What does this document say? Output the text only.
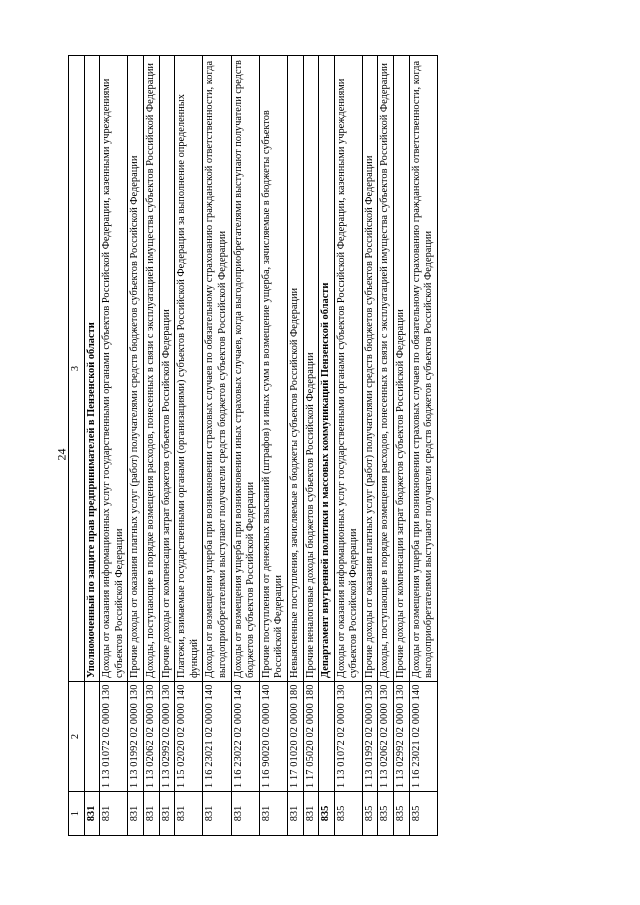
24
1	2	3
831		Уполномоченный по защите прав предпринимателей в Пензенской области
831	1 13 01072 02 0000 130	Доходы от оказания информационных услуг государственными органами субъектов Российской Федерации, казенными учреждениями субъектов Российской Федерации
831	1 13 01992 02 0000 130	Прочие доходы от оказания платных услуг (работ) получателями средств бюджетов субъектов Российской Федерации
831	1 13 02062 02 0000 130	Доходы, поступающие в порядке возмещения расходов, понесенных в связи с эксплуатацией имущества субъектов Российской Федерации
831	1 13 02992 02 0000 130	Прочие доходы от компенсации затрат бюджетов субъектов Российской Федерации
831	1 15 02020 02 0000 140	Платежи, взимаемые государственными органами (организациями) субъектов Российской Федерации за выполнение определенных функций
831	1 16 23021 02 0000 140	Доходы от возмещения ущерба при возникновении страховых случаев по обязательному страхованию гражданской ответственности, когда выгодоприобретателями выступают получатели средств бюджетов субъектов Российской Федерации
831	1 16 23022 02 0000 140	Доходы от возмещения ущерба при возникновении иных страховых случаев, когда выгодоприобретателями выступают получатели средств бюджетов субъектов Российской Федерации
831	1 16 90020 02 0000 140	Прочие поступления от денежных взысканий (штрафов) и иных сумм в возмещение ущерба, зачисляемые в бюджеты субъектов Российской Федерации
831	1 17 01020 02 0000 180	Невыясненные поступления, зачисляемые в бюджеты субъектов Российской Федерации
831	1 17 05020 02 0000 180	Прочие неналоговые доходы бюджетов субъектов Российской Федерации
835		Департамент внутренней политики и массовых коммуникаций Пензенской области
835	1 13 01072 02 0000 130	Доходы от оказания информационных услуг государственными органами субъектов Российской Федерации, казенными учреждениями субъектов Российской Федерации
835	1 13 01992 02 0000 130	Прочие доходы от оказания платных услуг (работ) получателями средств бюджетов субъектов Российской Федерации
835	1 13 02062 02 0000 130	Доходы, поступающие в порядке возмещения расходов, понесенных в связи с эксплуатацией имущества субъектов Российской Федерации
835	1 13 02992 02 0000 130	Прочие доходы от компенсации затрат бюджетов субъектов Российской Федерации
835	1 16 23021 02 0000 140	Доходы от возмещения ущерба при возникновении страховых случаев по обязательному страхованию гражданской ответственности, когда выгодоприобретателями выступают получатели средств бюджетов субъектов Российской Федерации
